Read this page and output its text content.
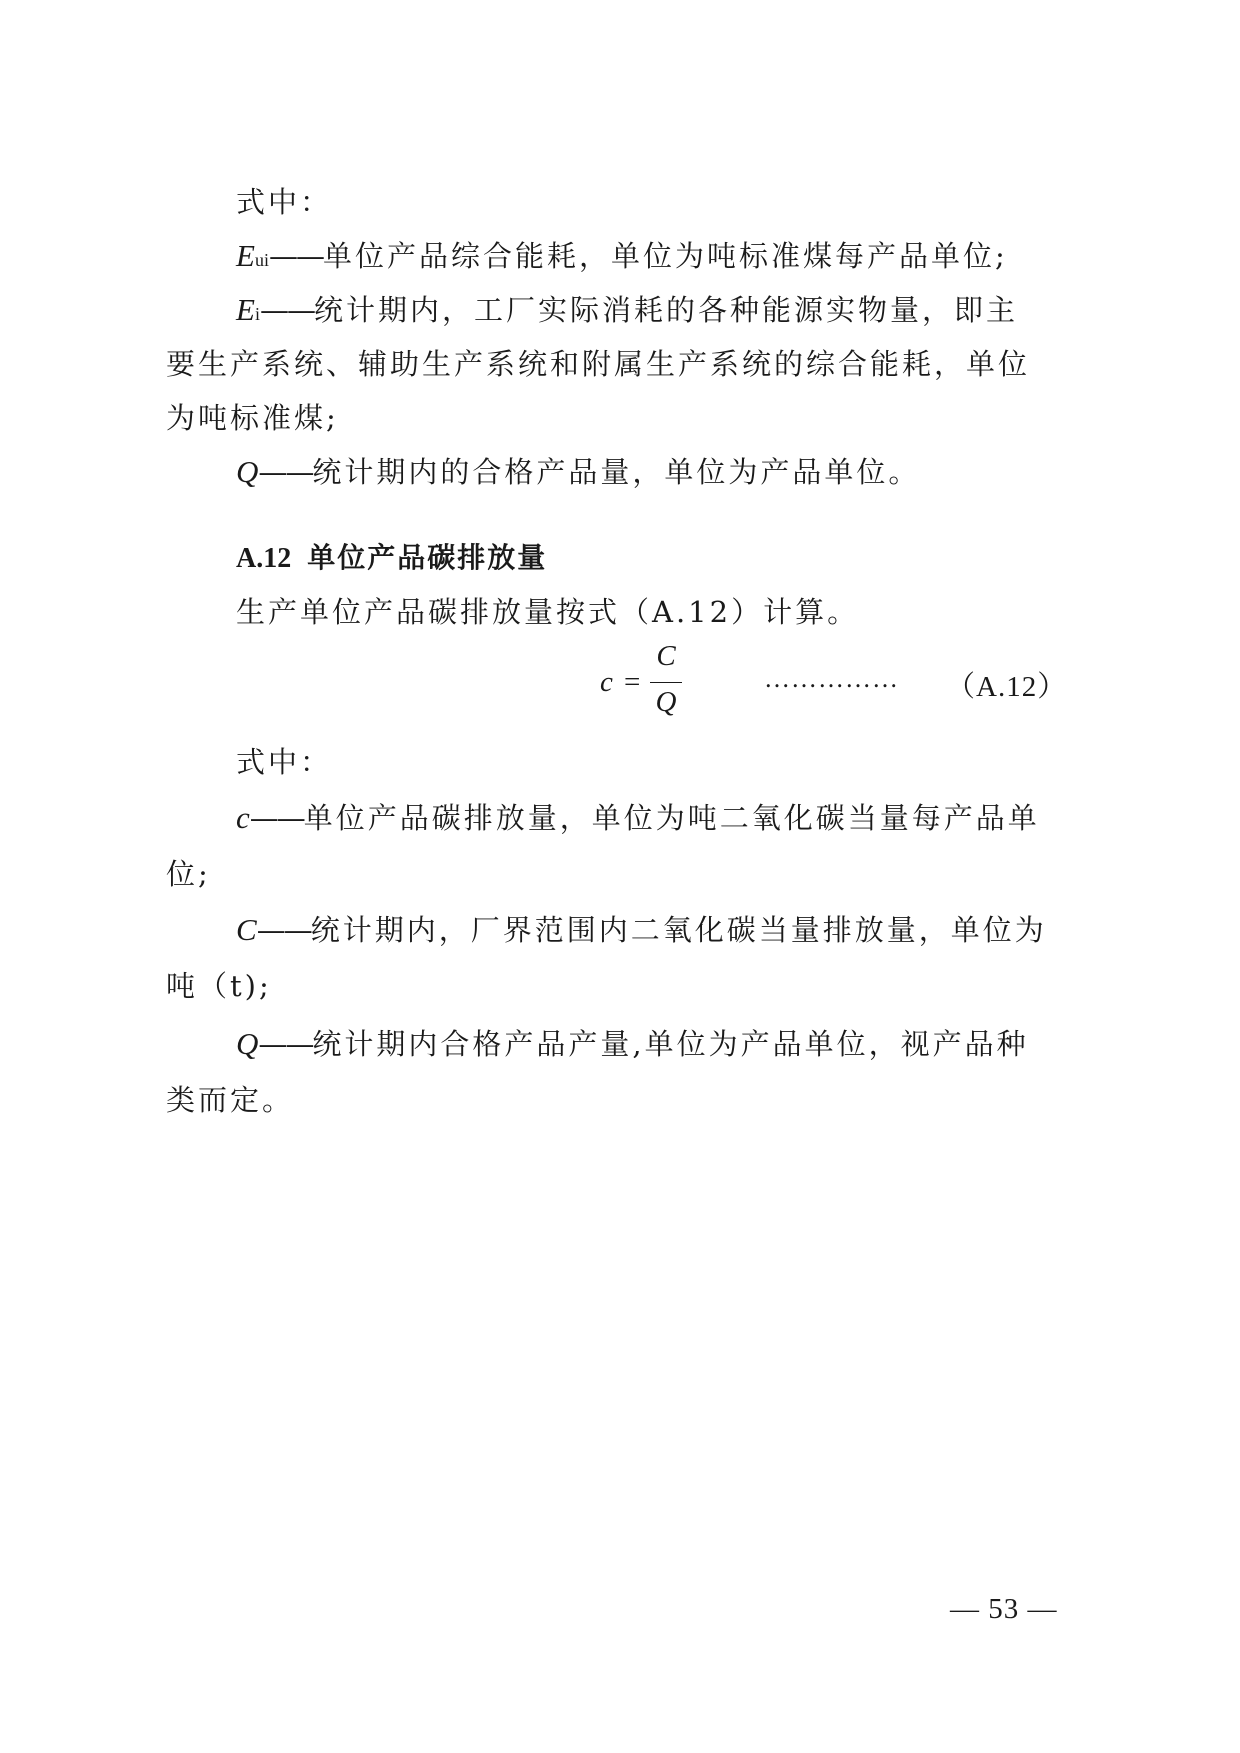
式中：
Eui——单位产品综合能耗，单位为吨标准煤每产品单位;
Ei——统计期内，工厂实际消耗的各种能源实物量，即主
要生产系统、辅助生产系统和附属生产系统的综合能耗，单位
为吨标准煤;
Q——统计期内的合格产品量，单位为产品单位。
A.12 单位产品碳排放量
生产单位产品碳排放量按式（A.12）计算。
c =
C
Q
…………… （A.12）
式中：
c——单位产品碳排放量，单位为吨二氧化碳当量每产品单
位;
C——统计期内，厂界范围内二氧化碳当量排放量，单位为
吨（t);
Q——统计期内合格产品产量,单位为产品单位，视产品种
类而定。
— 53 —
